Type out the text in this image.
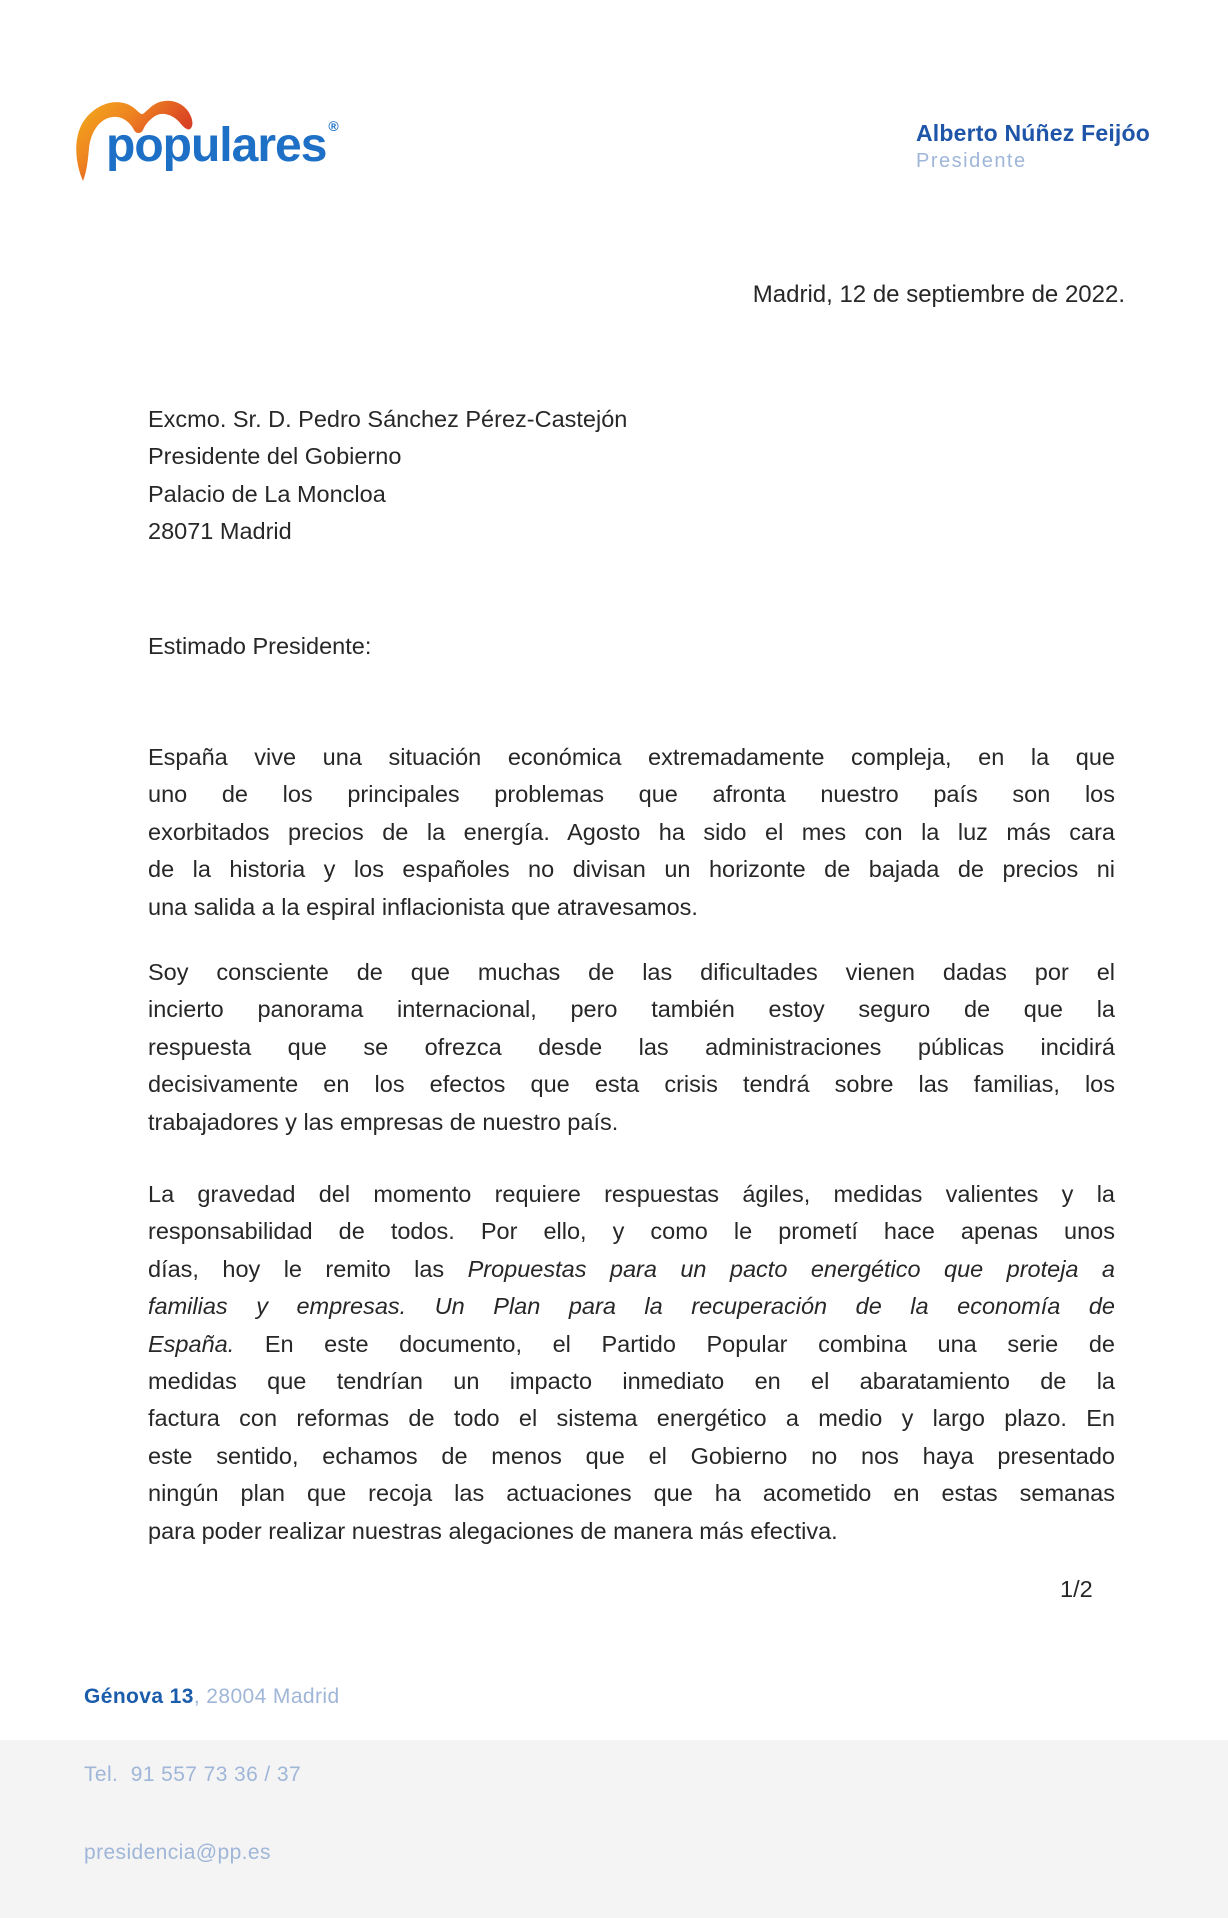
populares ®	Alberto Núñez Feijóo
Presidente
Madrid, 12 de septiembre de 2022.
Excmo. Sr. D. Pedro Sánchez Pérez-Castejón
Presidente del Gobierno
Palacio de La Moncloa
28071 Madrid
Estimado Presidente:
España vive una situación económica extremadamente compleja, en la que
uno de los principales problemas que afronta nuestro país son los
exorbitados precios de la energía. Agosto ha sido el mes con la luz más cara
de la historia y los españoles no divisan un horizonte de bajada de precios ni
una salida a la espiral inflacionista que atravesamos.
Soy consciente de que muchas de las dificultades vienen dadas por el
incierto panorama internacional, pero también estoy seguro de que la
respuesta que se ofrezca desde las administraciones públicas incidirá
decisivamente en los efectos que esta crisis tendrá sobre las familias, los
trabajadores y las empresas de nuestro país.
La gravedad del momento requiere respuestas ágiles, medidas valientes y la
responsabilidad de todos. Por ello, y como le prometí hace apenas unos
días, hoy le remito las Propuestas para un pacto energético que proteja a
familias y empresas. Un Plan para la recuperación de la economía de
España. En este documento, el Partido Popular combina una serie de
medidas que tendrían un impacto inmediato en el abaratamiento de la
factura con reformas de todo el sistema energético a medio y largo plazo. En
este sentido, echamos de menos que el Gobierno no nos haya presentado
ningún plan que recoja las actuaciones que ha acometido en estas semanas
para poder realizar nuestras alegaciones de manera más efectiva.
1/2

Génova 13, 28004 Madrid

Tel.  91 557 73 36 / 37

presidencia@pp.es
